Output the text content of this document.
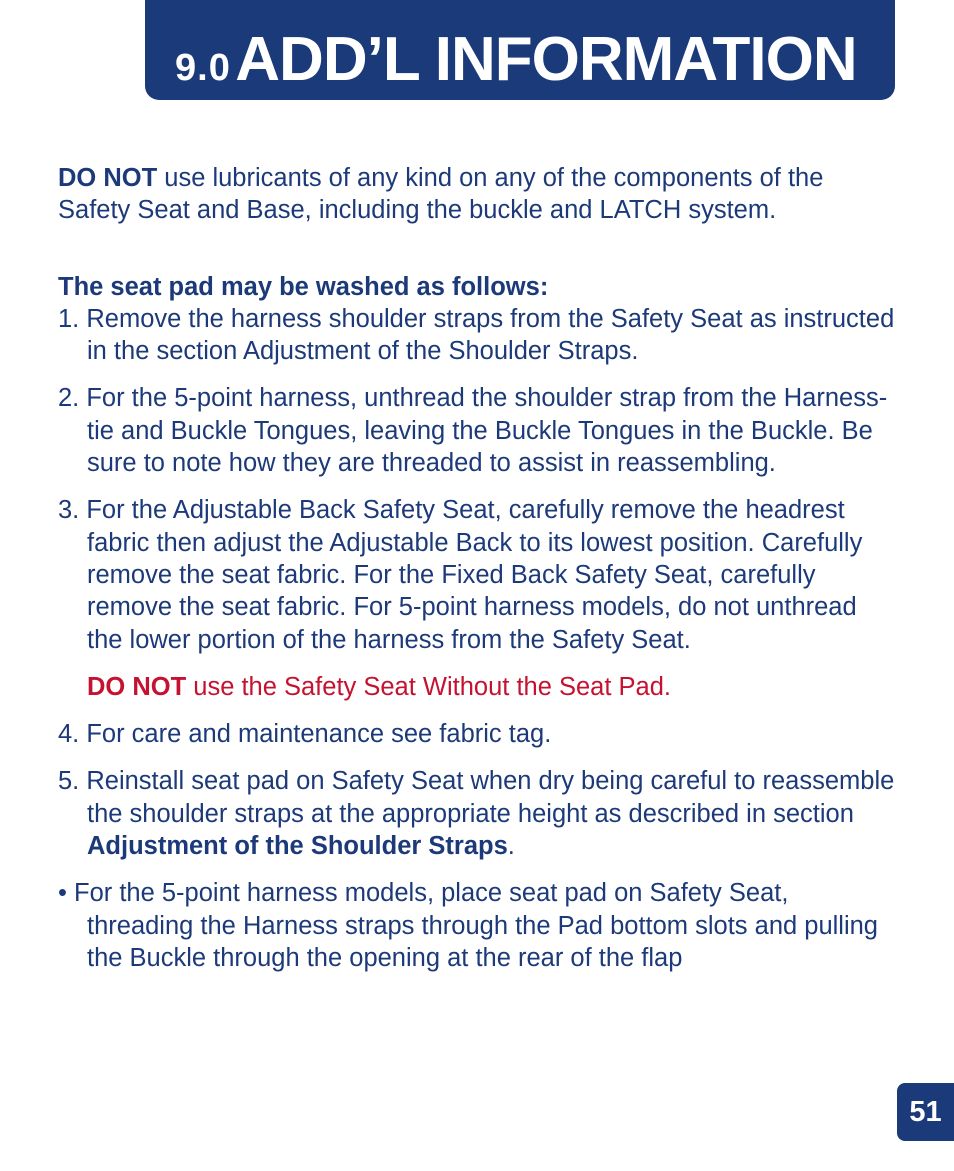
9.0 ADD’L INFORMATION

DO NOT use lubricants of any kind on any of the components of the Safety Seat and Base, including the buckle and LATCH system.

The seat pad may be washed as follows:

1. Remove the harness shoulder straps from the Safety Seat as instructed in the section Adjustment of the Shoulder Straps.

2. For the 5-point harness, unthread the shoulder strap from the Harness-tie and Buckle Tongues, leaving the Buckle Tongues in the Buckle. Be sure to note how they are threaded to assist in reassembling.

3. For the Adjustable Back Safety Seat, carefully remove the headrest fabric then adjust the Adjustable Back to its lowest position. Carefully remove the seat fabric. For the Fixed Back Safety Seat, carefully remove the seat fabric. For 5-point harness models, do not unthread the lower portion of the harness from the Safety Seat.

DO NOT use the Safety Seat Without the Seat Pad.

4. For care and maintenance see fabric tag.

5. Reinstall seat pad on Safety Seat when dry being careful to reassemble the shoulder straps at the appropriate height as described in section Adjustment of the Shoulder Straps.

• For the 5-point harness models, place seat pad on Safety Seat, threading the Harness straps through the Pad bottom slots and pulling the Buckle through the opening at the rear of the flap

51
